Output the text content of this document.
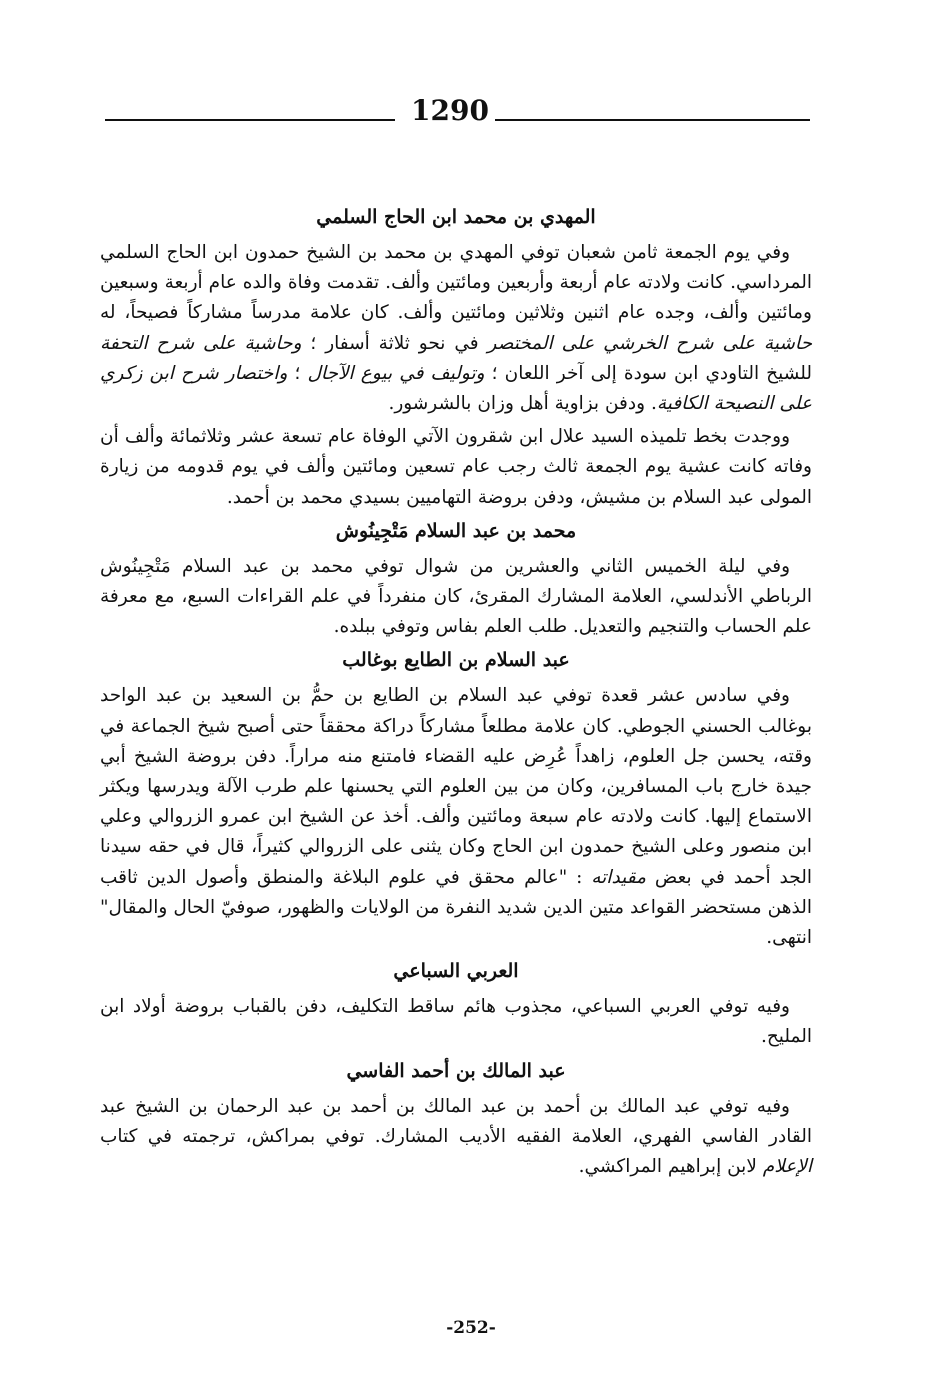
1290
المهدي بن محمد ابن الحاج السلمي

وفي يوم الجمعة ثامن شعبان توفي المهدي بن محمد بن الشيخ حمدون ابن الحاج السلمي المرداسي. كانت ولادته عام أربعة وأربعين ومائتين وألف. تقدمت وفاة والده عام أربعة وسبعين ومائتين وألف، وجده عام اثنين وثلاثين ومائتين وألف. كان علامة مدرساً مشاركاً فصيحاً، له حاشية على شرح الخرشي على المختصر في نحو ثلاثة أسفار ؛ وحاشية على شرح التحفة للشيخ التاودي ابن سودة إلى آخر اللعان ؛ وتوليف في بيوع الآجال ؛ واختصار شرح ابن زكري على النصيحة الكافية. ودفن بزاوية أهل وزان بالشرشور.

ووجدت بخط تلميذه السيد علال ابن شقرون الآتي الوفاة عام تسعة عشر وثلاثمائة وألف أن وفاته كانت عشية يوم الجمعة ثالث رجب عام تسعين ومائتين وألف في يوم قدومه من زيارة المولى عبد السلام بن مشيش، ودفن بروضة التهاميين بسيدي محمد بن أحمد.

محمد بن عبد السلام مَتْجِينُوش

وفي ليلة الخميس الثاني والعشرين من شوال توفي محمد بن عبد السلام مَتْجِينُوش الرباطي الأندلسي، العلامة المشارك المقرئ، كان منفرداً في علم القراءات السبع، مع معرفة علم الحساب والتنجيم والتعديل. طلب العلم بفاس وتوفي ببلده.

عبد السلام بن الطايع بوغالب

وفي سادس عشر قعدة توفي عبد السلام بن الطايع بن حمُّ بن السعيد بن عبد الواحد بوغالب الحسني الجوطي. كان علامة مطلعاً مشاركاً دراكة محققاً حتى أصبح شيخ الجماعة في وقته، يحسن جل العلوم، زاهداً عُرِض عليه القضاء فامتنع منه مراراً. دفن بروضة الشيخ أبي جيدة خارج باب المسافرين، وكان من بين العلوم التي يحسنها علم طرب الآلة ويدرسها ويكثر الاستماع إليها. كانت ولادته عام سبعة ومائتين وألف. أخذ عن الشيخ ابن عمرو الزروالي وعلي ابن منصور وعلى الشيخ حمدون ابن الحاج وكان يثنى على الزروالي كثيراً، قال في حقه سيدنا الجد أحمد في بعض مقيداته : "عالم محقق في علوم البلاغة والمنطق وأصول الدين ثاقب الذهن مستحضر القواعد متين الدين شديد النفرة من الولايات والظهور، صوفيّ الحال والمقال" انتهى.

العربي السباعي

وفيه توفي العربي السباعي، مجذوب هائم ساقط التكليف، دفن بالقباب بروضة أولاد ابن المليح.

عبد المالك بن أحمد الفاسي

وفيه توفي عبد المالك بن أحمد بن عبد المالك بن أحمد بن عبد الرحمان بن الشيخ عبد القادر الفاسي الفهري، العلامة الفقيه الأديب المشارك. توفي بمراكش، ترجمته في كتاب الإعلام لابن إبراهيم المراكشي.

-252-
